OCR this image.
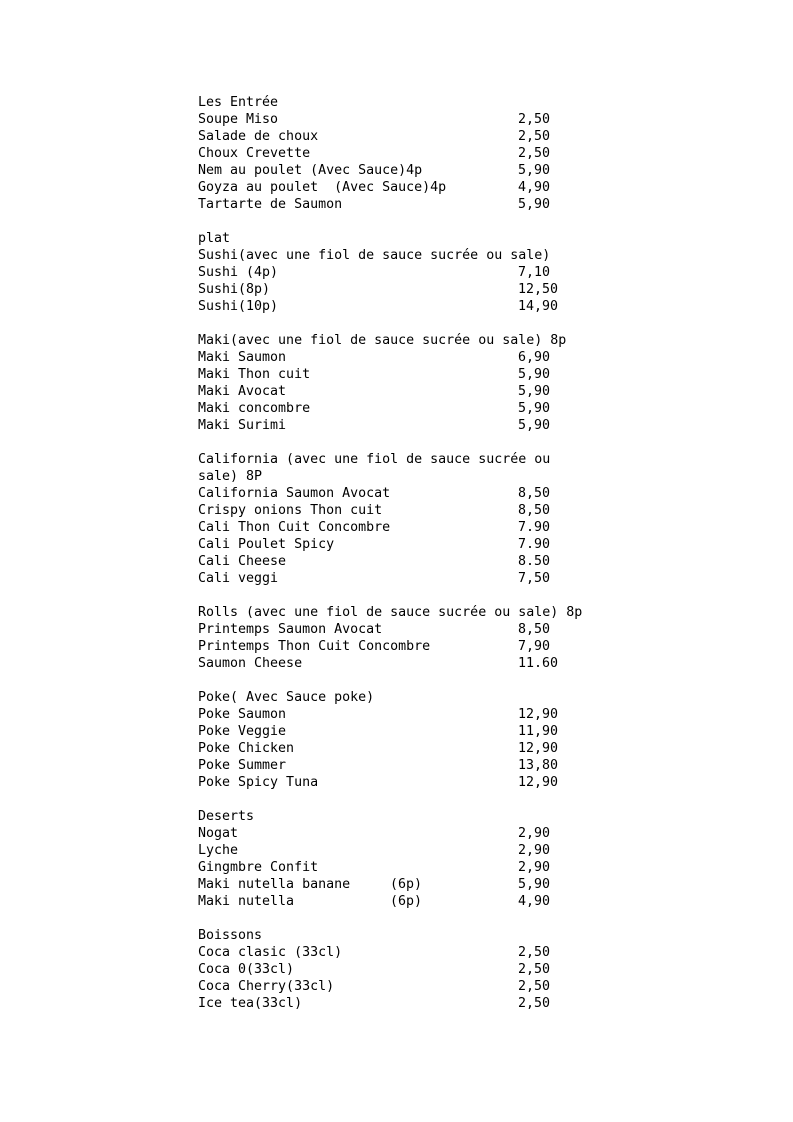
Les Entrée
Soupe Miso	2,50
Salade de choux	2,50
Choux Crevette	2,50
Nem au poulet (Avec Sauce)4p	5,90
Goyza au poulet  (Avec Sauce)4p	4,90
Tartarte de Saumon	5,90
plat
Sushi(avec une fiol de sauce sucrée ou sale)
Sushi (4p)	7,10
Sushi(8p)	12,50
Sushi(10p)	14,90
Maki(avec une fiol de sauce sucrée ou sale) 8p
Maki Saumon	6,90
Maki Thon cuit	5,90
Maki Avocat	5,90
Maki concombre	5,90
Maki Surimi	5,90
California (avec une fiol de sauce sucrée ou
sale) 8P
California Saumon Avocat	8,50
Crispy onions Thon cuit	8,50
Cali Thon Cuit Concombre	7.90
Cali Poulet Spicy	7.90
Cali Cheese	8.50
Cali veggi	7,50
Rolls (avec une fiol de sauce sucrée ou sale) 8p
Printemps Saumon Avocat	8,50
Printemps Thon Cuit Concombre	7,90
Saumon Cheese	11.60
Poke( Avec Sauce poke)
Poke Saumon	12,90
Poke Veggie	11,90
Poke Chicken	12,90
Poke Summer	13,80
Poke Spicy Tuna	12,90
Deserts
Nogat	2,90
Lyche	2,90
Gingmbre Confit	2,90
Maki nutella banane	(6p)	5,90
Maki nutella	(6p)	4,90
Boissons
Coca clasic (33cl)	2,50
Coca 0(33cl)	2,50
Coca Cherry(33cl)	2,50
Ice tea(33cl)	2,50
